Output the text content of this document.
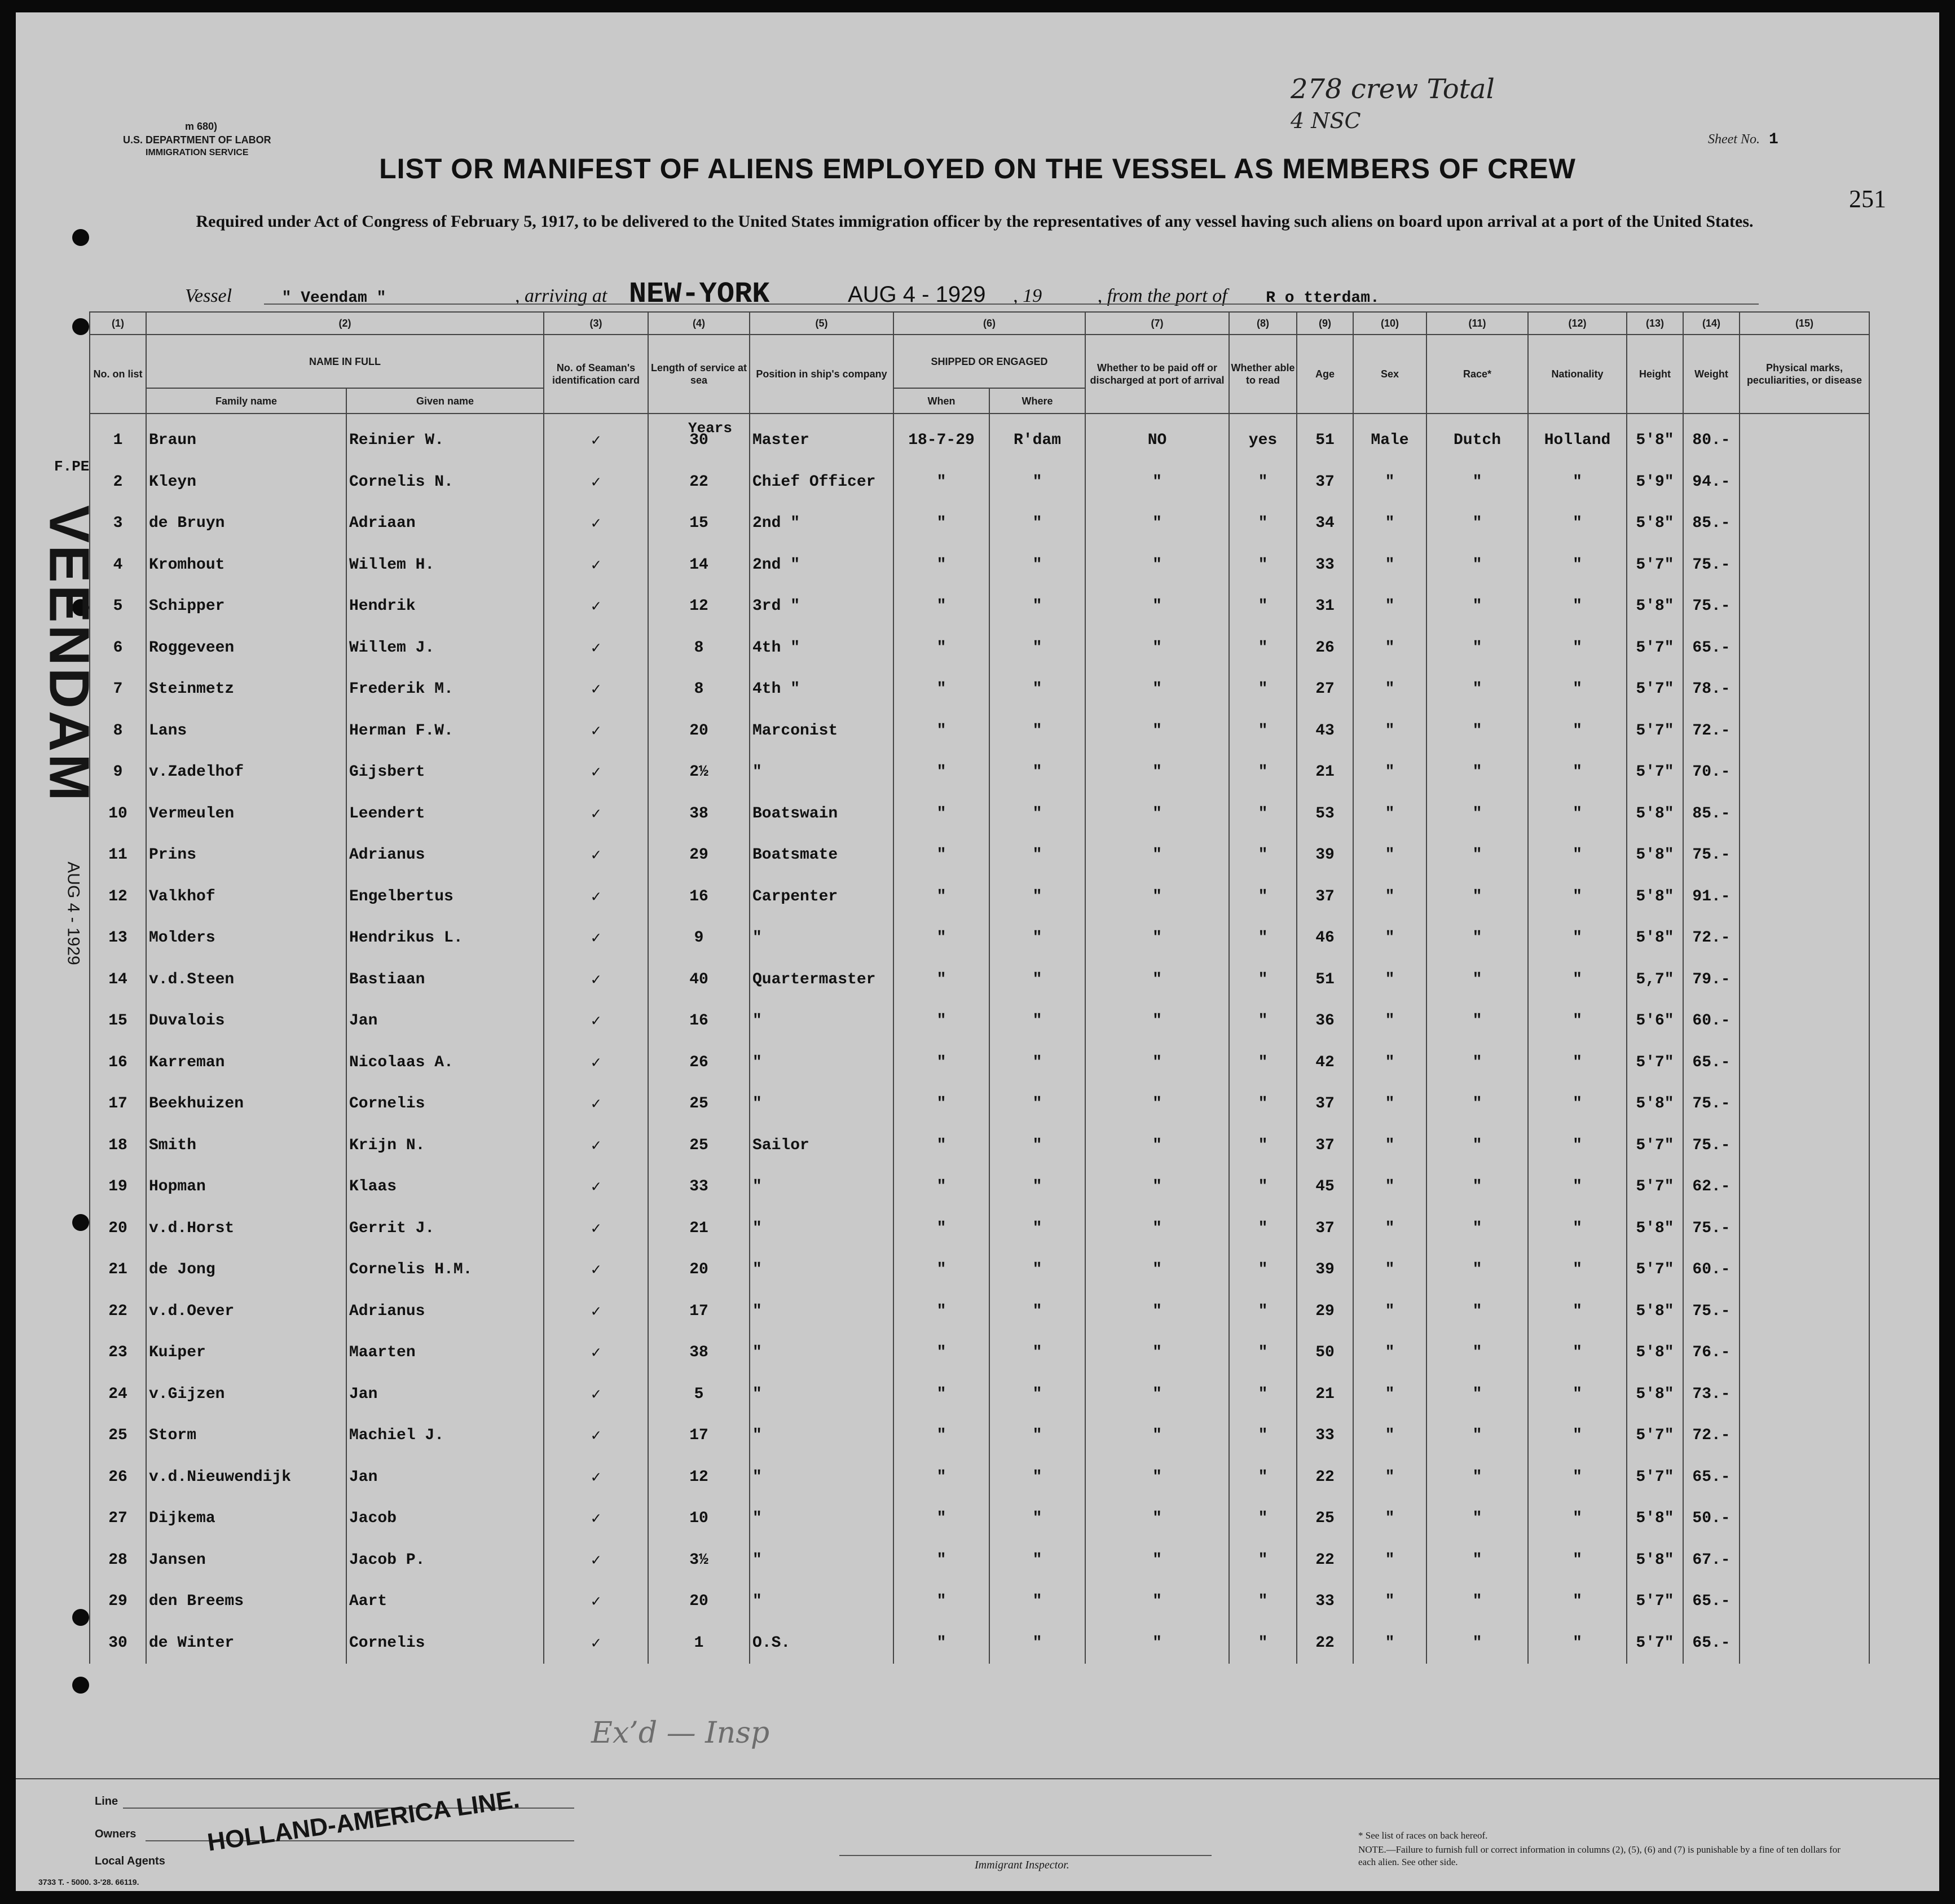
m 680)
U.S. DEPARTMENT OF LABOR
IMMIGRATION SERVICE
278 crew Total
4 NSC
Sheet No. 1
251
LIST OR MANIFEST OF ALIENS EMPLOYED ON THE VESSEL AS MEMBERS OF CREW
Required under Act of Congress of February 5, 1917, to be delivered to the United States immigration officer by the representatives of any vessel having such aliens on board upon arrival at a port of the United States.
Vessel	" Veendam "	, arriving at NEW-YORK	AUG 4 - 1929 , 19	, from the port of R o tterdam.
F.PE
VEENDAM
AUG 4 - 1929
(1)	(2)		(3)	(4)	(5)	(6)		(7)	(8)	(9)	(10)	(11)	(12)	(13)	(14)	(15)
No. on list	NAME IN FULL		No. of Seaman's identification card	Length of service at sea	Position in ship's company	SHIPPED OR ENGAGED		Whether to be paid off or discharged at port of arrival	Whether able to read	Age	Sex	Race*	Nationality	Height	Weight	Physical marks, peculiarities, or disease
	Family name	Given name				When	Where									
1	Braun	Reinier W.	✓	30	Master	18-7-29	R'dam	NO	yes	51	Male	Dutch	Holland	5'8"	80.-	
2	Kleyn	Cornelis N.	✓	22	Chief Officer	"	"	"	"	37	"	"	"	5'9"	94.-	
3	de Bruyn	Adriaan	✓	15	2nd "	"	"	"	"	34	"	"	"	5'8"	85.-	
4	Kromhout	Willem H.	✓	14	2nd "	"	"	"	"	33	"	"	"	5'7"	75.-	
5	Schipper	Hendrik	✓	12	3rd "	"	"	"	"	31	"	"	"	5'8"	75.-	
6	Roggeveen	Willem J.	✓	8	4th "	"	"	"	"	26	"	"	"	5'7"	65.-	
7	Steinmetz	Frederik M.	✓	8	4th "	"	"	"	"	27	"	"	"	5'7"	78.-	
8	Lans	Herman F.W.	✓	20	Marconist	"	"	"	"	43	"	"	"	5'7"	72.-	
9	v.Zadelhof	Gijsbert	✓	2½	"	"	"	"	"	21	"	"	"	5'7"	70.-	
10	Vermeulen	Leendert	✓	38	Boatswain	"	"	"	"	53	"	"	"	5'8"	85.-	
11	Prins	Adrianus	✓	29	Boatsmate	"	"	"	"	39	"	"	"	5'8"	75.-	
12	Valkhof	Engelbertus	✓	16	Carpenter	"	"	"	"	37	"	"	"	5'8"	91.-	
13	Molders	Hendrikus L.	✓	9	"	"	"	"	"	46	"	"	"	5'8"	72.-	
14	v.d.Steen	Bastiaan	✓	40	Quartermaster	"	"	"	"	51	"	"	"	5,7"	79.-	
15	Duvalois	Jan	✓	16	"	"	"	"	"	36	"	"	"	5'6"	60.-	
16	Karreman	Nicolaas A.	✓	26	"	"	"	"	"	42	"	"	"	5'7"	65.-	
17	Beekhuizen	Cornelis	✓	25	"	"	"	"	"	37	"	"	"	5'8"	75.-	
18	Smith	Krijn N.	✓	25	Sailor	"	"	"	"	37	"	"	"	5'7"	75.-	
19	Hopman	Klaas	✓	33	"	"	"	"	"	45	"	"	"	5'7"	62.-	
20	v.d.Horst	Gerrit J.	✓	21	"	"	"	"	"	37	"	"	"	5'8"	75.-	
21	de Jong	Cornelis H.M.	✓	20	"	"	"	"	"	39	"	"	"	5'7"	60.-	
22	v.d.Oever	Adrianus	✓	17	"	"	"	"	"	29	"	"	"	5'8"	75.-	
23	Kuiper	Maarten	✓	38	"	"	"	"	"	50	"	"	"	5'8"	76.-	
24	v.Gijzen	Jan	✓	5	"	"	"	"	"	21	"	"	"	5'8"	73.-	
25	Storm	Machiel J.	✓	17	"	"	"	"	"	33	"	"	"	5'7"	72.-	
26	v.d.Nieuwendijk	Jan	✓	12	"	"	"	"	"	22	"	"	"	5'7"	65.-	
27	Dijkema	Jacob	✓	10	"	"	"	"	"	25	"	"	"	5'8"	50.-	
28	Jansen	Jacob P.	✓	3½	"	"	"	"	"	22	"	"	"	5'8"	67.-	
29	den Breems	Aart	✓	20	"	"	"	"	"	33	"	"	"	5'7"	65.-	
30	de Winter	Cornelis	✓	1	O.S.	"	"	"	"	22	"	"	"	5'7"	65.-	
Years
Ex’d — Insp
Line
Owners
Local Agents
HOLLAND-AMERICA LINE.
3733 T. - 5000. 3-'28. 66119.
Immigrant Inspector.
* See list of races on back hereof.
NOTE.—Failure to furnish full or correct information in columns (2), (5), (6) and (7) is punishable by a fine of ten dollars for each alien. See other side.
